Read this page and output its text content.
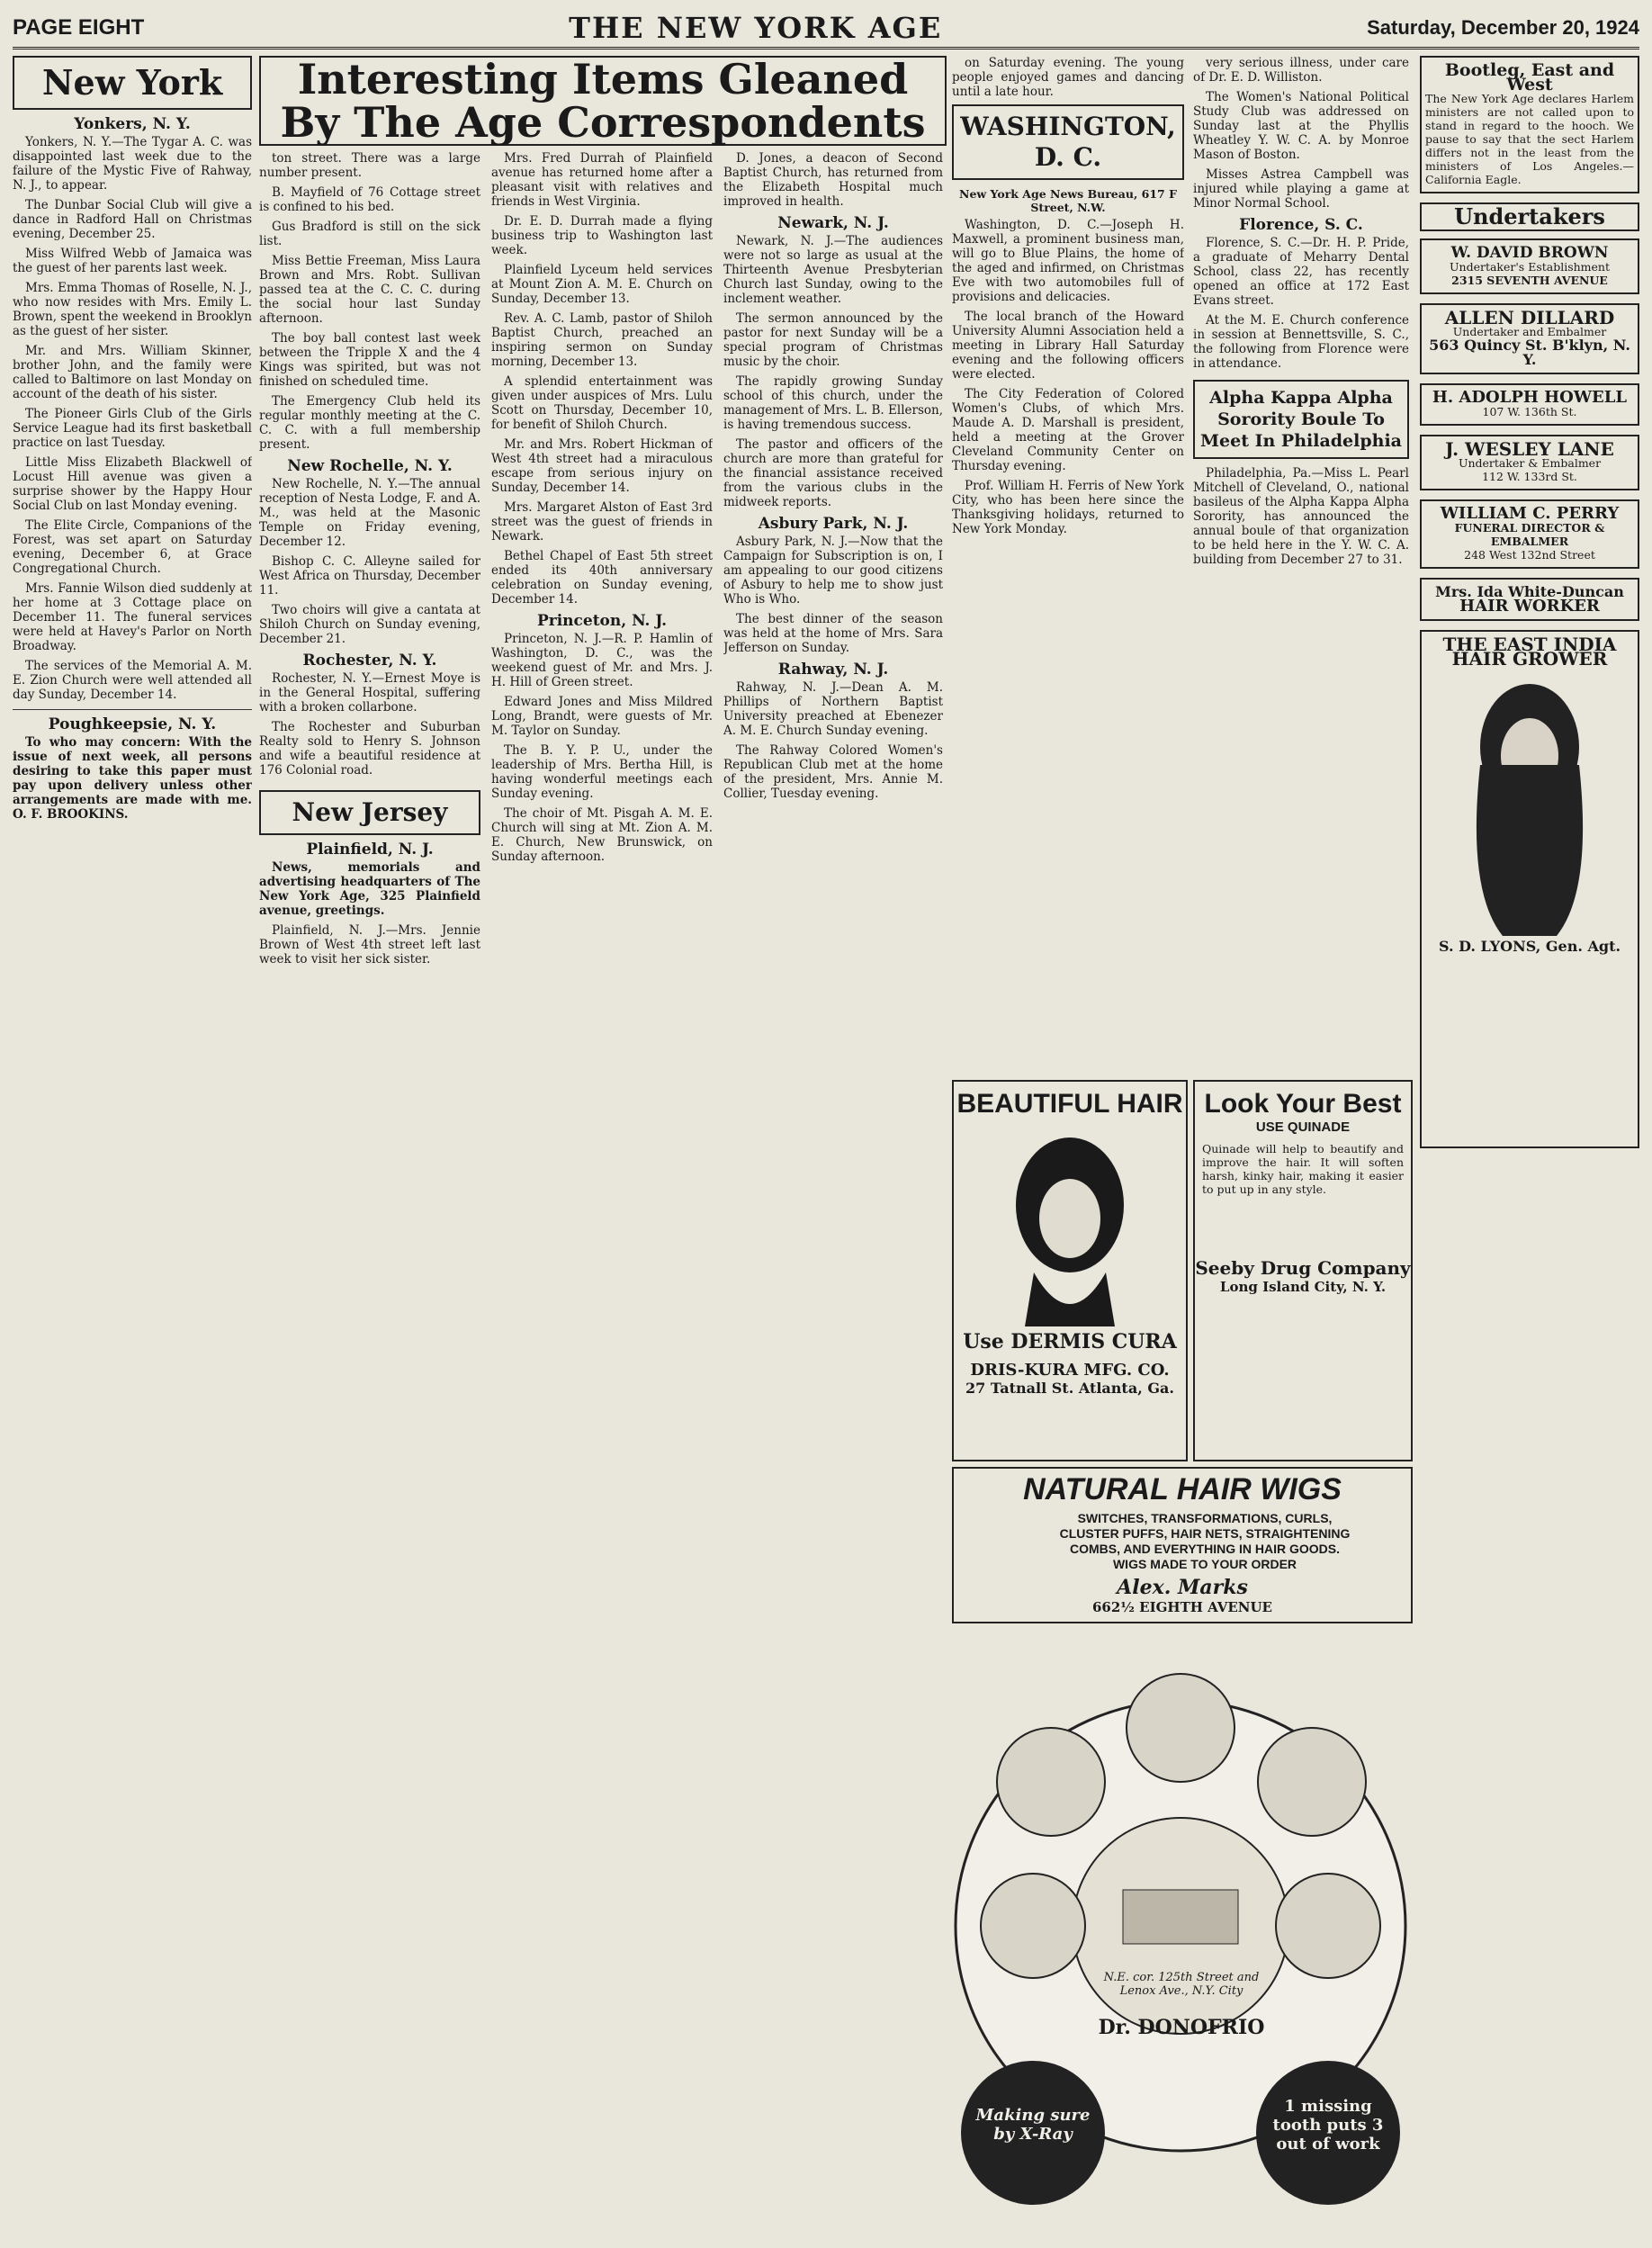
PAGE EIGHT	THE NEW YORK AGE	Saturday, December 20, 1924
New York
Yonkers, N. Y.

Yonkers, N. Y.—The Tygar A. C. was disappointed last week due to the failure of the Mystic Five of Rahway, N. J., to appear.

The Dunbar Social Club will give a dance in Radford Hall on Christmas evening, December 25.

Miss Wilfred Webb of Jamaica was the guest of her parents last week.

Mrs. Emma Thomas of Roselle, N. J., who now resides with Mrs. Emily L. Brown, spent the weekend in Brooklyn as the guest of her sister.

Mr. and Mrs. William Skinner, brother John, and the family were called to Baltimore on last Monday on account of the death of his sister.

The Pioneer Girls Club of the Girls Service League had its first basketball practice on last Tuesday.

Little Miss Elizabeth Blackwell of Locust Hill avenue was given a surprise shower by the Happy Hour Social Club on last Monday evening.

The Elite Circle, Companions of the Forest, was set apart on Saturday evening, December 6, at Grace Congregational Church.

Mrs. Fannie Wilson died suddenly at her home at 3 Cottage place on December 11. The funeral services were held at Havey's Parlor on North Broadway.

The services of the Memorial A. M. E. Zion Church were well attended all day Sunday, December 14.

Poughkeepsie, N. Y.

To who may concern: With the issue of next week, all persons desiring to take this paper must pay upon delivery unless other arrangements are made with me. O. F. BROOKINS.

Interesting Items Gleaned
By The Age Correspondents

ton street. There was a large number present.

B. Mayfield of 76 Cottage street is confined to his bed.

Gus Bradford is still on the sick list.

Miss Bettie Freeman, Miss Laura Brown and Mrs. Robt. Sullivan passed tea at the C. C. C. during the social hour last Sunday afternoon.

The boy ball contest last week between the Tripple X and the 4 Kings was spirited, but was not finished on scheduled time.

The Emergency Club held its regular monthly meeting at the C. C. C. with a full membership present.

New Rochelle, N. Y.

New Rochelle, N. Y.—The annual reception of Nesta Lodge, F. and A. M., was held at the Masonic Temple on Friday evening, December 12.

Bishop C. C. Alleyne sailed for West Africa on Thursday, December 11.

Two choirs will give a cantata at Shiloh Church on Sunday evening, December 21.

Rochester, N. Y.

Rochester, N. Y.—Ernest Moye is in the General Hospital, suffering with a broken collarbone.

The Rochester and Suburban Realty sold to Henry S. Johnson and wife a beautiful residence at 176 Colonial road.

New Jersey
Plainfield, N. J.

News, memorials and advertising headquarters of The New York Age, 325 Plainfield avenue, greetings.

Plainfield, N. J.—Mrs. Jennie Brown of West 4th street left last week to visit her sick sister.

Mrs. Fred Durrah of Plainfield avenue has returned home after a pleasant visit with relatives and friends in West Virginia.

Dr. E. D. Durrah made a flying business trip to Washington last week.

Plainfield Lyceum held services at Mount Zion A. M. E. Church on Sunday, December 13.

Rev. A. C. Lamb, pastor of Shiloh Baptist Church, preached an inspiring sermon on Sunday morning, December 13.

A splendid entertainment was given under auspices of Mrs. Lulu Scott on Thursday, December 10, for benefit of Shiloh Church.

Mr. and Mrs. Robert Hickman of West 4th street had a miraculous escape from serious injury on Sunday, December 14.

Mrs. Margaret Alston of East 3rd street was the guest of friends in Newark.

Bethel Chapel of East 5th street ended its 40th anniversary celebration on Sunday evening, December 14.

Princeton, N. J.

Princeton, N. J.—R. P. Hamlin of Washington, D. C., was the weekend guest of Mr. and Mrs. J. H. Hill of Green street.

Edward Jones and Miss Mildred Long, Brandt, were guests of Mr. M. Taylor on Sunday.

The B. Y. P. U., under the leadership of Mrs. Bertha Hill, is having wonderful meetings each Sunday evening.

The choir of Mt. Pisgah A. M. E. Church will sing at Mt. Zion A. M. E. Church, New Brunswick, on Sunday afternoon.

D. Jones, a deacon of Second Baptist Church, has returned from the Elizabeth Hospital much improved in health.

Newark, N. J.

Newark, N. J.—The audiences were not so large as usual at the Thirteenth Avenue Presbyterian Church last Sunday, owing to the inclement weather.

The sermon announced by the pastor for next Sunday will be a special program of Christmas music by the choir.

The rapidly growing Sunday school of this church, under the management of Mrs. L. B. Ellerson, is having tremendous success.

The pastor and officers of the church are more than grateful for the financial assistance received from the various clubs in the midweek reports.

Asbury Park, N. J.

Asbury Park, N. J.—Now that the Campaign for Subscription is on, I am appealing to our good citizens of Asbury to help me to show just Who is Who.

The best dinner of the season was held at the home of Mrs. Sara Jefferson on Sunday.

Rahway, N. J.

Rahway, N. J.—Dean A. M. Phillips of Northern Baptist University preached at Ebenezer A. M. E. Church Sunday evening.

The Rahway Colored Women's Republican Club met at the home of the president, Mrs. Annie M. Collier, Tuesday evening.

on Saturday evening. The young people enjoyed games and dancing until a late hour.

WASHINGTON, D. C.
New York Age News Bureau, 617 F Street, N.W.

Washington, D. C.—Joseph H. Maxwell, a prominent business man, will go to Blue Plains, the home of the aged and infirmed, on Christmas Eve with two automobiles full of provisions and delicacies.

The local branch of the Howard University Alumni Association held a meeting in Library Hall Saturday evening and the following officers were elected.

The City Federation of Colored Women's Clubs, of which Mrs. Maude A. D. Marshall is president, held a meeting at the Grover Cleveland Community Center on Thursday evening.

Prof. William H. Ferris of New York City, who has been here since the Thanksgiving holidays, returned to New York Monday.

very serious illness, under care of Dr. E. D. Williston.

The Women's National Political Study Club was addressed on Sunday last at the Phyllis Wheatley Y. W. C. A. by Monroe Mason of Boston.

Misses Astrea Campbell was injured while playing a game at Minor Normal School.

Florence, S. C.

Florence, S. C.—Dr. H. P. Pride, a graduate of Meharry Dental School, class 22, has recently opened an office at 172 East Evans street.

At the M. E. Church conference in session at Bennettsville, S. C., the following from Florence were in attendance.

Alpha Kappa Alpha Sorority Boule To Meet In Philadelphia

Philadelphia, Pa.—Miss L. Pearl Mitchell of Cleveland, O., national basileus of the Alpha Kappa Alpha Sorority, has announced the annual boule of that organization to be held here in the Y. W. C. A. building from December 27 to 31.

Bootleg, East and West
The New York Age declares Harlem ministers are not called upon to stand in regard to the hooch. We pause to say that the sect Harlem differs not in the least from the ministers of Los Angeles.—California Eagle.
Undertakers
W. DAVID BROWN
Undertaker's Establishment
2315 SEVENTH AVENUE
ALLEN DILLARD
Undertaker and Embalmer
563 Quincy St. B'klyn, N. Y.
H. ADOLPH HOWELL
107 W. 136th St.
J. WESLEY LANE
Undertaker & Embalmer
112 W. 133rd St.
WILLIAM C. PERRY
FUNERAL DIRECTOR & EMBALMER
248 West 132nd Street
Mrs. Ida White-Duncan
HAIR WORKER
THE EAST INDIA HAIR GROWER
S. D. LYONS, Gen. Agt.
BEAUTIFUL HAIR
Use DERMIS CURA
DRIS-KURA MFG. CO.
27 Tatnall St. Atlanta, Ga.
Look Your Best
USE QUINADE
Quinade will help to beautify and improve the hair. It will soften harsh, kinky hair, making it easier to put up in any style.
Seeby Drug Company
Long Island City, N. Y.
NATURAL HAIR WIGS
SWITCHES, TRANSFORMATIONS, CURLS, CLUSTER PUFFS, HAIR NETS, STRAIGHTENING COMBS, AND EVERYTHING IN HAIR GOODS. WIGS MADE TO YOUR ORDER
Alex. Marks
662½ EIGHTH AVENUE
N.E. cor. 125th Street and Lenox Ave., N.Y. City
Dr. DONOFRIO
Making sure by X-Ray
1 missing tooth puts 3 out of work
